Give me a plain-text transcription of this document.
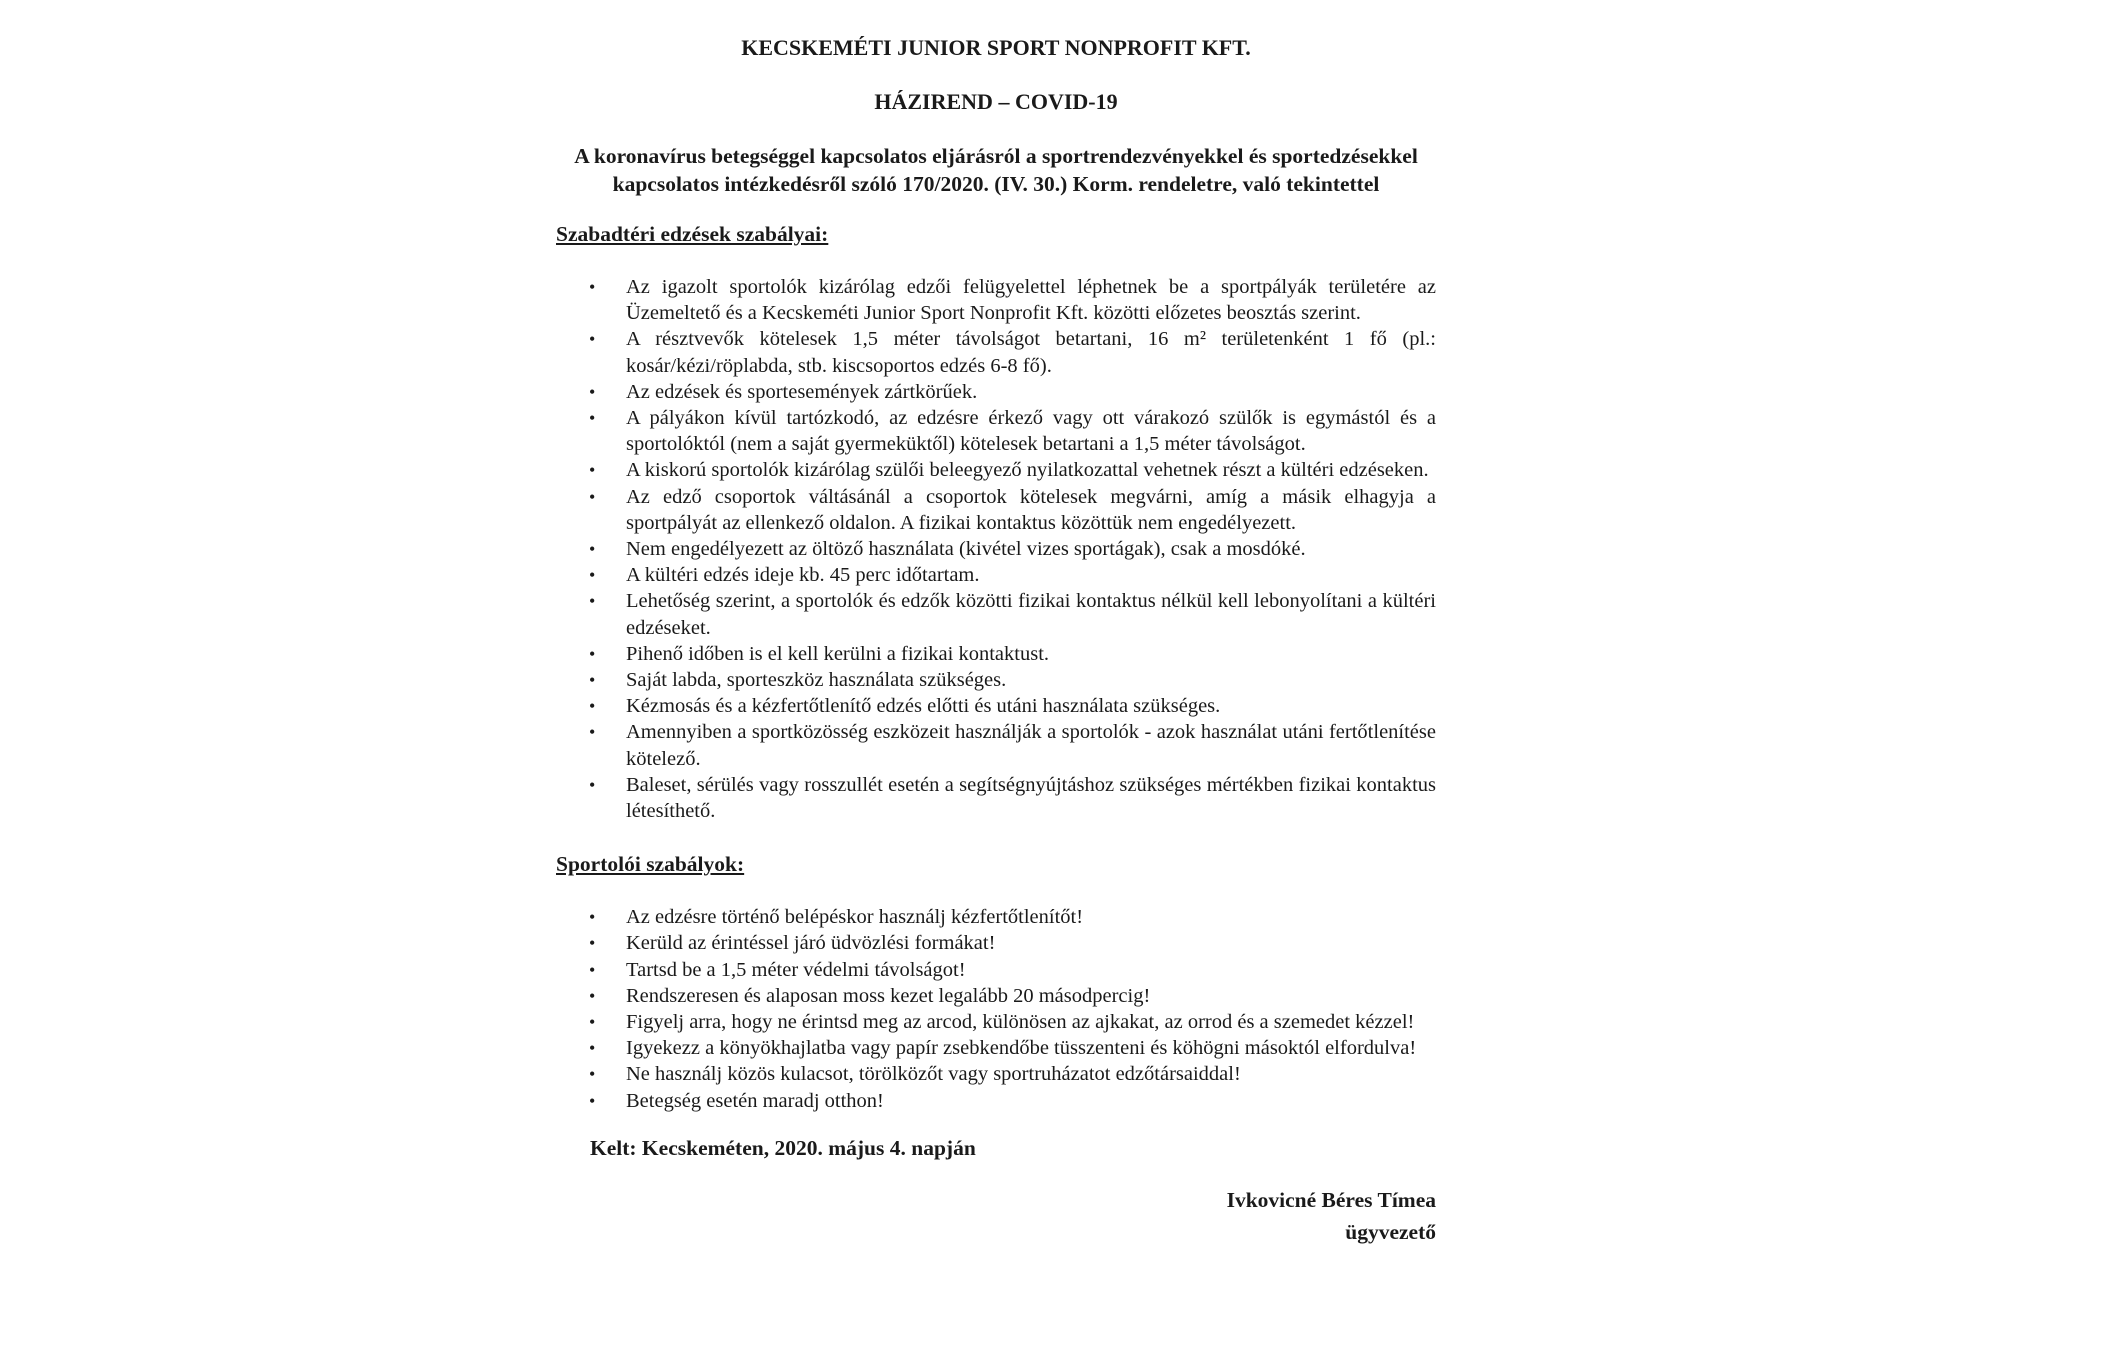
KECSKEMÉTI JUNIOR SPORT NONPROFIT KFT.
HÁZIREND – COVID-19
A koronavírus betegséggel kapcsolatos eljárásról a sportrendezvényekkel és sportedzésekkel kapcsolatos intézkedésről szóló 170/2020. (IV. 30.) Korm. rendeletre, való tekintettel
Szabadtéri edzések szabályai:
• Az igazolt sportolók kizárólag edzői felügyelettel léphetnek be a sportpályák területére az Üzemeltető és a Kecskeméti Junior Sport Nonprofit Kft. közötti előzetes beosztás szerint.
• A résztvevők kötelesek 1,5 méter távolságot betartani, 16 m² területenként 1 fő (pl.: kosár/kézi/röplabda, stb. kiscsoportos edzés 6-8 fő).
• Az edzések és sportesemények zártkörűek.
• A pályákon kívül tartózkodó, az edzésre érkező vagy ott várakozó szülők is egymástól és a sportolóktól (nem a saját gyermeküktől) kötelesek betartani a 1,5 méter távolságot.
• A kiskorú sportolók kizárólag szülői beleegyező nyilatkozattal vehetnek részt a kültéri edzéseken.
• Az edző csoportok váltásánál a csoportok kötelesek megvárni, amíg a másik elhagyja a sportpályát az ellenkező oldalon. A fizikai kontaktus közöttük nem engedélyezett.
• Nem engedélyezett az öltöző használata (kivétel vizes sportágak), csak a mosdóké.
• A kültéri edzés ideje kb. 45 perc időtartam.
• Lehetőség szerint, a sportolók és edzők közötti fizikai kontaktus nélkül kell lebonyolítani a kültéri edzéseket.
• Pihenő időben is el kell kerülni a fizikai kontaktust.
• Saját labda, sporteszköz használata szükséges.
• Kézmosás és a kézfertőtlenítő edzés előtti és utáni használata szükséges.
• Amennyiben a sportközösség eszközeit használják a sportolók - azok használat utáni fertőtlenítése kötelező.
• Baleset, sérülés vagy rosszullét esetén a segítségnyújtáshoz szükséges mértékben fizikai kontaktus létesíthető.
Sportolói szabályok:
• Az edzésre történő belépéskor használj kézfertőtlenítőt!
• Kerüld az érintéssel járó üdvözlési formákat!
• Tartsd be a 1,5 méter védelmi távolságot!
• Rendszeresen és alaposan moss kezet legalább 20 másodpercig!
• Figyelj arra, hogy ne érintsd meg az arcod, különösen az ajkakat, az orrod és a szemedet kézzel!
• Igyekezz a könyökhajlatba vagy papír zsebkendőbe tüsszenteni és köhögni másoktól elfordulva!
• Ne használj közös kulacsot, törölközőt vagy sportruházatot edzőtársaiddal!
• Betegség esetén maradj otthon!
Kelt: Kecskeméten, 2020. május 4. napján
Ivkovicné Béres Tímea
ügyvezető
